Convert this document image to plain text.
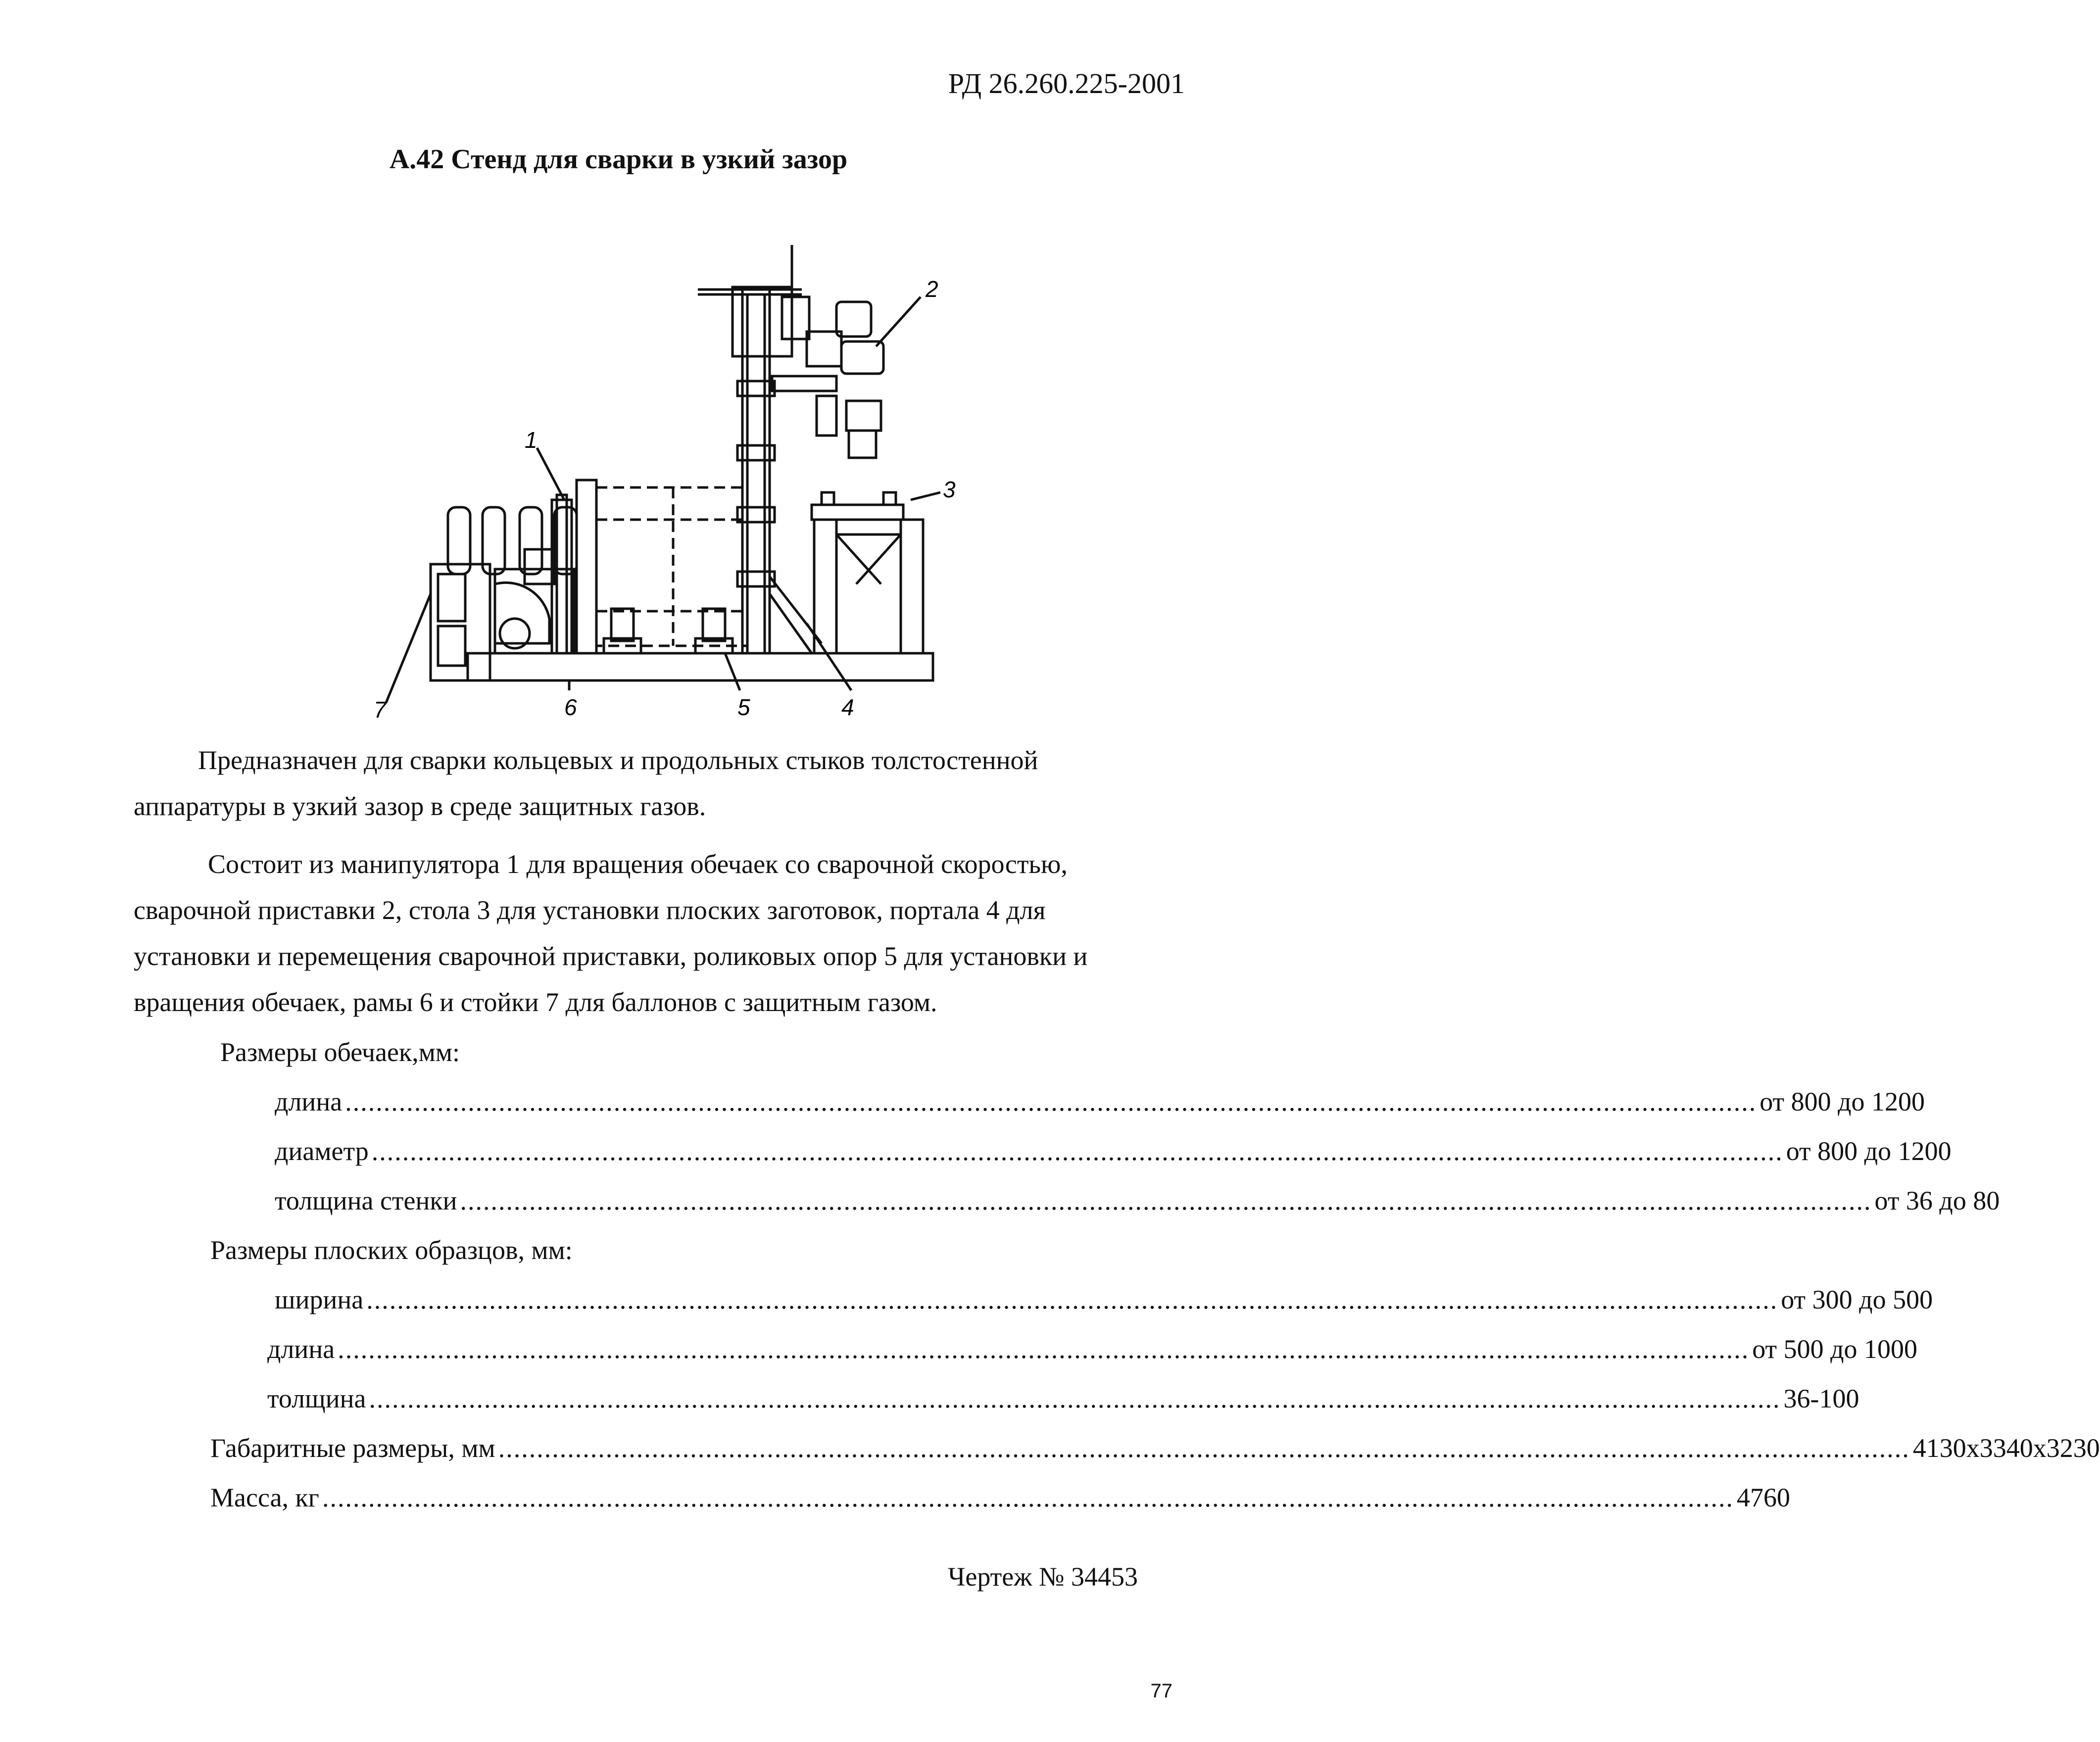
РД 26.260.225-2001
А.42 Стенд для сварки в узкий зазор
1
2
3
4
5
6
7
Предназначен для сварки кольцевых и продольных стыков толстостенной
аппаратуры в узкий зазор в среде защитных газов.
Состоит из манипулятора 1 для вращения обечаек со сварочной скоростью,
сварочной приставки 2, стола 3 для установки плоских заготовок, портала 4 для
установки и перемещения сварочной приставки, роликовых опор 5 для установки и
вращения обечаек, рамы 6 и стойки 7 для баллонов с защитным газом.
Размеры обечаек,мм:
длина ........................................................................................................................................................................................ от 800 до 1200
диаметр ........................................................................................................................................................................................ от 800 до 1200
толщина стенки ........................................................................................................................................................................................ от 36 до 80
Размеры плоских образцов, мм:
ширина ........................................................................................................................................................................................ от 300 до 500
длина ........................................................................................................................................................................................ от 500 до 1000
толщина ........................................................................................................................................................................................ 36-100
Габаритные размеры, мм ........................................................................................................................................................................................ 4130x3340x3230
Масса, кг ........................................................................................................................................................................................ 4760
Чертеж № 34453
77
